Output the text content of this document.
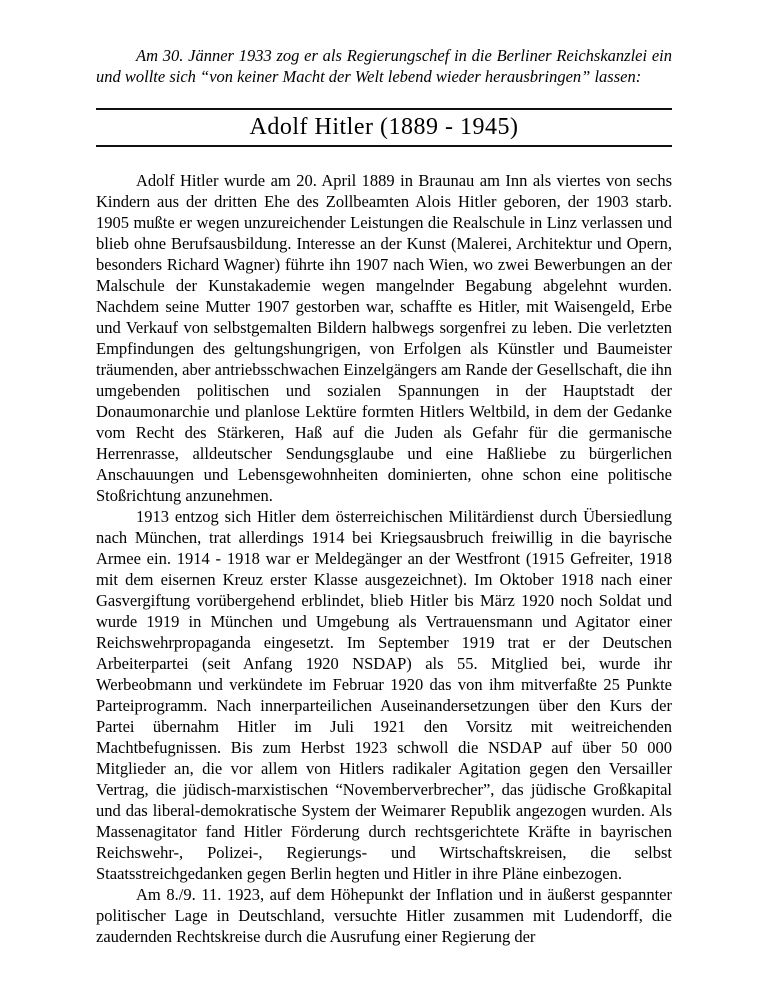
Am 30. Jänner 1933 zog er als Regierungschef in die Berliner Reichskanzlei ein und wollte sich “von keiner Macht der Welt lebend wieder herausbringen” lassen:

Adolf Hitler (1889 - 1945)

Adolf Hitler wurde am 20. April 1889 in Braunau am Inn als viertes von sechs Kindern aus der dritten Ehe des Zollbeamten Alois Hitler geboren, der 1903 starb. 1905 mußte er wegen unzureichender Leistungen die Realschule in Linz verlassen und blieb ohne Berufsausbildung. Interesse an der Kunst (Malerei, Architektur und Opern, besonders Richard Wagner) führte ihn 1907 nach Wien, wo zwei Bewerbungen an der Malschule der Kunstakademie wegen mangelnder Begabung abgelehnt wurden. Nachdem seine Mutter 1907 gestorben war, schaffte es Hitler, mit Waisengeld, Erbe und Verkauf von selbstgemalten Bildern halbwegs sorgenfrei zu leben. Die verletzten Empfindungen des geltungshungrigen, von Erfolgen als Künstler und Baumeister träumenden, aber antriebsschwachen Einzelgängers am Rande der Gesellschaft, die ihn umgebenden politischen und sozialen Spannungen in der Hauptstadt der Donaumonarchie und planlose Lektüre formten Hitlers Weltbild, in dem der Gedanke vom Recht des Stärkeren, Haß auf die Juden als Gefahr für die germanische Herrenrasse, alldeutscher Sendungsglaube und eine Haßliebe zu bürgerlichen Anschauungen und Lebensgewohnheiten dominierten, ohne schon eine politische Stoßrichtung anzunehmen.

1913 entzog sich Hitler dem österreichischen Militärdienst durch Übersiedlung nach München, trat allerdings 1914 bei Kriegsausbruch freiwillig in die bayrische Armee ein. 1914 - 1918 war er Meldegänger an der Westfront (1915 Gefreiter, 1918 mit dem eisernen Kreuz erster Klasse ausgezeichnet). Im Oktober 1918 nach einer Gasvergiftung vorübergehend erblindet, blieb Hitler bis März 1920 noch Soldat und wurde 1919 in München und Umgebung als Vertrauensmann und Agitator einer Reichswehrpropaganda eingesetzt. Im September 1919 trat er der Deutschen Arbeiterpartei (seit Anfang 1920 NSDAP) als 55. Mitglied bei, wurde ihr Werbeobmann und verkündete im Februar 1920 das von ihm mitverfaßte 25 Punkte Parteiprogramm. Nach innerparteilichen Auseinandersetzungen über den Kurs der Partei übernahm Hitler im Juli 1921 den Vorsitz mit weitreichenden Machtbefugnissen. Bis zum Herbst 1923 schwoll die NSDAP auf über 50 000 Mitglieder an, die vor allem von Hitlers radikaler Agitation gegen den Versailler Vertrag, die jüdisch-marxistischen “Novemberverbrecher”, das jüdische Großkapital und das liberal-demokratische System der Weimarer Republik angezogen wurden. Als Massenagitator fand Hitler Förderung durch rechtsgerichtete Kräfte in bayrischen Reichswehr-, Polizei-, Regierungs- und Wirtschaftskreisen, die selbst Staatsstreichgedanken gegen Berlin hegten und Hitler in ihre Pläne einbezogen.

Am 8./9. 11. 1923, auf dem Höhepunkt der Inflation und in äußerst gespannter politischer Lage in Deutschland, versuchte Hitler zusammen mit Ludendorff, die zaudernden Rechtskreise durch die Ausrufung einer Regierung der
